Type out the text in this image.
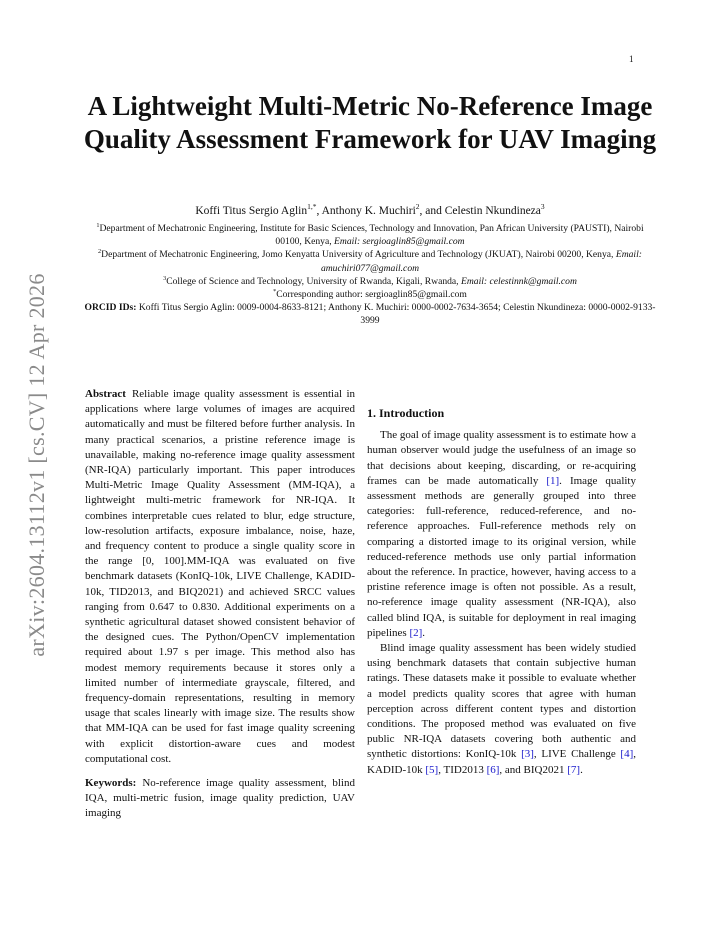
1
arXiv:2604.13112v1 [cs.CV] 12 Apr 2026
A Lightweight Multi-Metric No-Reference Image Quality Assessment Framework for UAV Imaging
Koffi Titus Sergio Aglin$^{1,*}$, Anthony K. Muchiri$^2$, and Celestin Nkundineza$^3$

$^1$Department of Mechatronic Engineering, Institute for Basic Sciences, Technology and Innovation, Pan African University (PAUSTI), Nairobi 00100, Kenya, Email: sergioaglin85@gmail.com

$^2$Department of Mechatronic Engineering, Jomo Kenyatta University of Agriculture and Technology (JKUAT), Nairobi 00200, Kenya, Email: amuchiri077@gmail.com

$^3$College of Science and Technology, University of Rwanda, Kigali, Rwanda, Email: celestinnk@gmail.com

*Corresponding author: sergioaglin85@gmail.com

ORCID IDs: Koffi Titus Sergio Aglin: 0009-0004-8633-8121; Anthony K. Muchiri: 0000-0002-7634-3654; Celestin Nkundineza: 0000-0002-9133-3999

Abstract Reliable image quality assessment is essential in applications where large volumes of images are acquired automatically and must be filtered before further analysis. In many practical scenarios, a pristine reference image is unavailable, making no-reference image quality assessment (NR-IQA) particularly important. This paper introduces Multi-Metric Image Quality Assessment (MM-IQA), a lightweight multi-metric framework for NR-IQA. It combines interpretable cues related to blur, edge structure, low-resolution artifacts, exposure imbalance, noise, haze, and frequency content to produce a single quality score in the range [0, 100].MM-IQA was evaluated on five benchmark datasets (KonIQ-10k, LIVE Challenge, KADID-10k, TID2013, and BIQ2021) and achieved SRCC values ranging from 0.647 to 0.830. Additional experiments on a synthetic agricultural dataset showed consistent behavior of the designed cues. The Python/OpenCV implementation required about 1.97 s per image. This method also has modest memory requirements because it stores only a limited number of intermediate grayscale, filtered, and frequency-domain representations, resulting in memory usage that scales linearly with image size. The results show that MM-IQA can be used for fast image quality screening with explicit distortion-aware cues and modest computational cost.

Keywords: No-reference image quality assessment, blind IQA, multi-metric fusion, image quality prediction, UAV imaging

1. Introduction

The goal of image quality assessment is to estimate how a human observer would judge the usefulness of an image so that decisions about keeping, discarding, or re-acquiring frames can be made automatically [1]. Image quality assessment methods are generally grouped into three categories: full-reference, reduced-reference, and no-reference approaches. Full-reference methods rely on comparing a distorted image to its original version, while reduced-reference methods use only partial information about the reference. In practice, however, having access to a pristine reference image is often not possible. As a result, no-reference image quality assessment (NR-IQA), also called blind IQA, is suitable for deployment in real imaging pipelines [2].

Blind image quality assessment has been widely studied using benchmark datasets that contain subjective human ratings. These datasets make it possible to evaluate whether a model predicts quality scores that agree with human perception across different content types and distortion conditions. The proposed method was evaluated on five public NR-IQA datasets covering both authentic and synthetic distortions: KonIQ-10k [3], LIVE Challenge [4], KADID-10k [5], TID2013 [6], and BIQ2021 [7].
